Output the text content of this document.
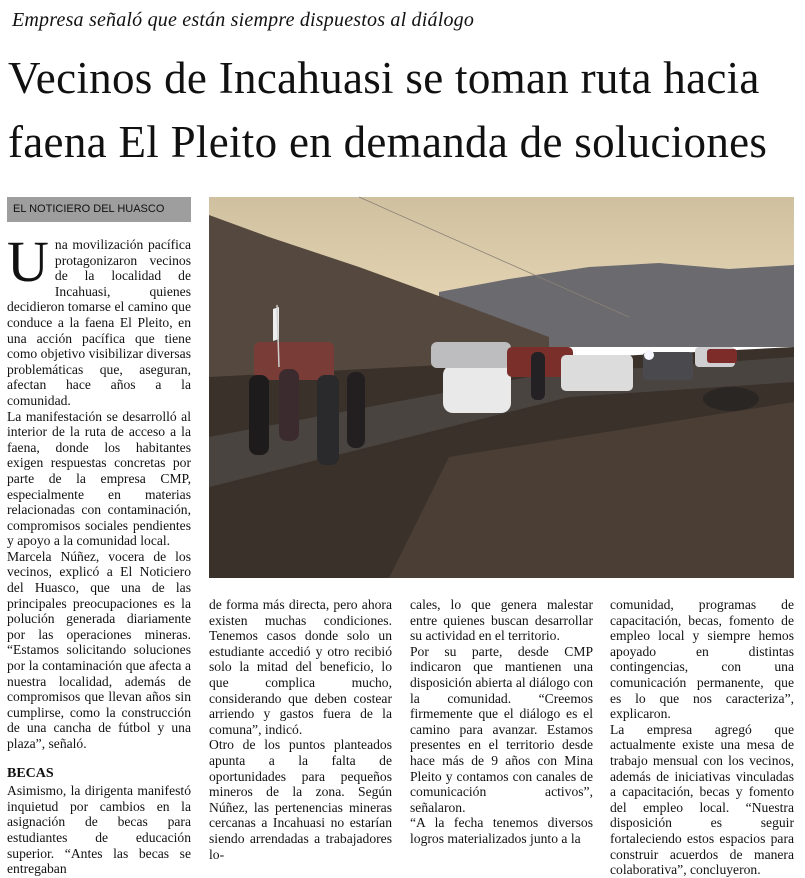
Empresa señaló que están siempre dispuestos al diálogo
Vecinos de Incahuasi se toman ruta hacia faena El Pleito en demanda de soluciones
EL NOTICIERO DEL HUASCO
U na movilización pacífica protagonizaron vecinos de la localidad de Incahuasi, quienes decidieron tomarse el camino que conduce a la faena El Pleito, en una acción pacífica que tiene como objetivo visibilizar diversas problemáticas que, aseguran, afectan hace años a la comunidad.

La manifestación se desarrolló al interior de la ruta de acceso a la faena, donde los habitantes exigen respuestas concretas por parte de la empresa CMP, especialmente en materias relacionadas con contaminación, compromisos sociales pendientes y apoyo a la comunidad local.

Marcela Núñez, vocera de los vecinos, explicó a El Noticiero del Huasco, que una de las principales preocupaciones es la polución generada diariamente por las operaciones mineras. “Estamos solicitando soluciones por la contaminación que afecta a nuestra localidad, además de compromisos que llevan años sin cumplirse, como la construcción de una cancha de fútbol y una plaza”, señaló.

BECAS

Asimismo, la dirigenta manifestó inquietud por cambios en la asignación de becas para estudiantes de educación superior. “Antes las becas se entregaban

de forma más directa, pero ahora existen muchas condiciones. Tenemos casos donde solo un estudiante accedió y otro recibió solo la mitad del beneficio, lo que complica mucho, considerando que deben costear arriendo y gastos fuera de la comuna”, indicó.

Otro de los puntos planteados apunta a la falta de oportunidades para pequeños mineros de la zona. Según Núñez, las pertenencias mineras cercanas a Incahuasi no estarían siendo arrendadas a trabajadores lo-

cales, lo que genera malestar entre quienes buscan desarrollar su actividad en el territorio.

Por su parte, desde CMP indicaron que mantienen una disposición abierta al diálogo con la comunidad. “Creemos firmemente que el diálogo es el camino para avanzar. Estamos presentes en el territorio desde hace más de 9 años con Mina Pleito y contamos con canales de comunicación activos”, señalaron.

“A la fecha tenemos diversos logros materializados junto a la

comunidad, programas de capacitación, becas, fomento de empleo local y siempre hemos apoyado en distintas contingencias, con una comunicación permanente, que es lo que nos caracteriza”, explicaron.

La empresa agregó que actualmente existe una mesa de trabajo mensual con los vecinos, además de iniciativas vinculadas a capacitación, becas y fomento del empleo local. “Nuestra disposición es seguir fortaleciendo estos espacios para construir acuerdos de manera colaborativa”, concluyeron.
